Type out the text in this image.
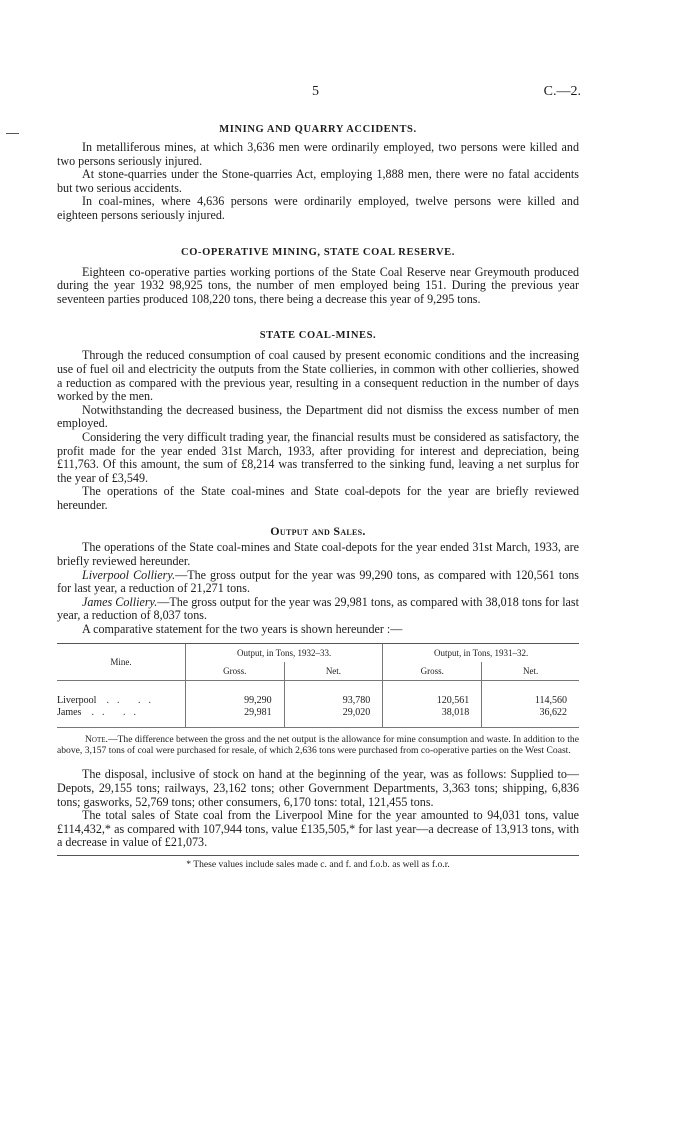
5	C.—2.
MINING AND QUARRY ACCIDENTS.

In metalliferous mines, at which 3,636 men were ordinarily employed, two persons were killed and two persons seriously injured.

At stone-quarries under the Stone-quarries Act, employing 1,888 men, there were no fatal accidents but two serious accidents.

In coal-mines, where 4,636 persons were ordinarily employed, twelve persons were killed and eighteen persons seriously injured.

CO-OPERATIVE MINING, STATE COAL RESERVE.

Eighteen co-operative parties working portions of the State Coal Reserve near Greymouth produced during the year 1932 98,925 tons, the number of men employed being 151. During the previous year seventeen parties produced 108,220 tons, there being a decrease this year of 9,295 tons.

STATE COAL-MINES.

Through the reduced consumption of coal caused by present economic conditions and the increasing use of fuel oil and electricity the outputs from the State collieries, in common with other collieries, showed a reduction as compared with the previous year, resulting in a consequent reduction in the number of days worked by the men.

Notwithstanding the decreased business, the Department did not dismiss the excess number of men employed.

Considering the very difficult trading year, the financial results must be considered as satisfactory, the profit made for the year ended 31st March, 1933, after providing for interest and depreciation, being £11,763. Of this amount, the sum of £8,214 was transferred to the sinking fund, leaving a net surplus for the year of £3,549.

The operations of the State coal-mines and State coal-depots for the year are briefly reviewed hereunder.

Output and Sales.

The operations of the State coal-mines and State coal-depots for the year ended 31st March, 1933, are briefly reviewed hereunder.

Liverpool Colliery.—The gross output for the year was 99,290 tons, as compared with 120,561 tons for last year, a reduction of 21,271 tons.

James Colliery.—The gross output for the year was 29,981 tons, as compared with 38,018 tons for last year, a reduction of 8,037 tons.

A comparative statement for the two years is shown hereunder :—

Mine.	Output, in Tons, 1932–33.		Output, in Tons, 1931–32.	
	Gross.	Net.	Gross.	Net.

Liverpool .. ..	99,290	93,780	120,561	114,560
James .. ..	29,981	29,020	38,018	36,622

Note.—The difference between the gross and the net output is the allowance for mine consumption and waste. In addition to the above, 3,157 tons of coal were purchased for resale, of which 2,636 tons were purchased from co-operative parties on the West Coast.

The disposal, inclusive of stock on hand at the beginning of the year, was as follows: Supplied to—Depots, 29,155 tons; railways, 23,162 tons; other Government Departments, 3,363 tons; shipping, 6,836 tons; gasworks, 52,769 tons; other consumers, 6,170 tons: total, 121,455 tons.

The total sales of State coal from the Liverpool Mine for the year amounted to 94,031 tons, value £114,432,* as compared with 107,944 tons, value £135,505,* for last year—a decrease of 13,913 tons, with a decrease in value of £21,073.

* These values include sales made c. and f. and f.o.b. as well as f.o.r.
